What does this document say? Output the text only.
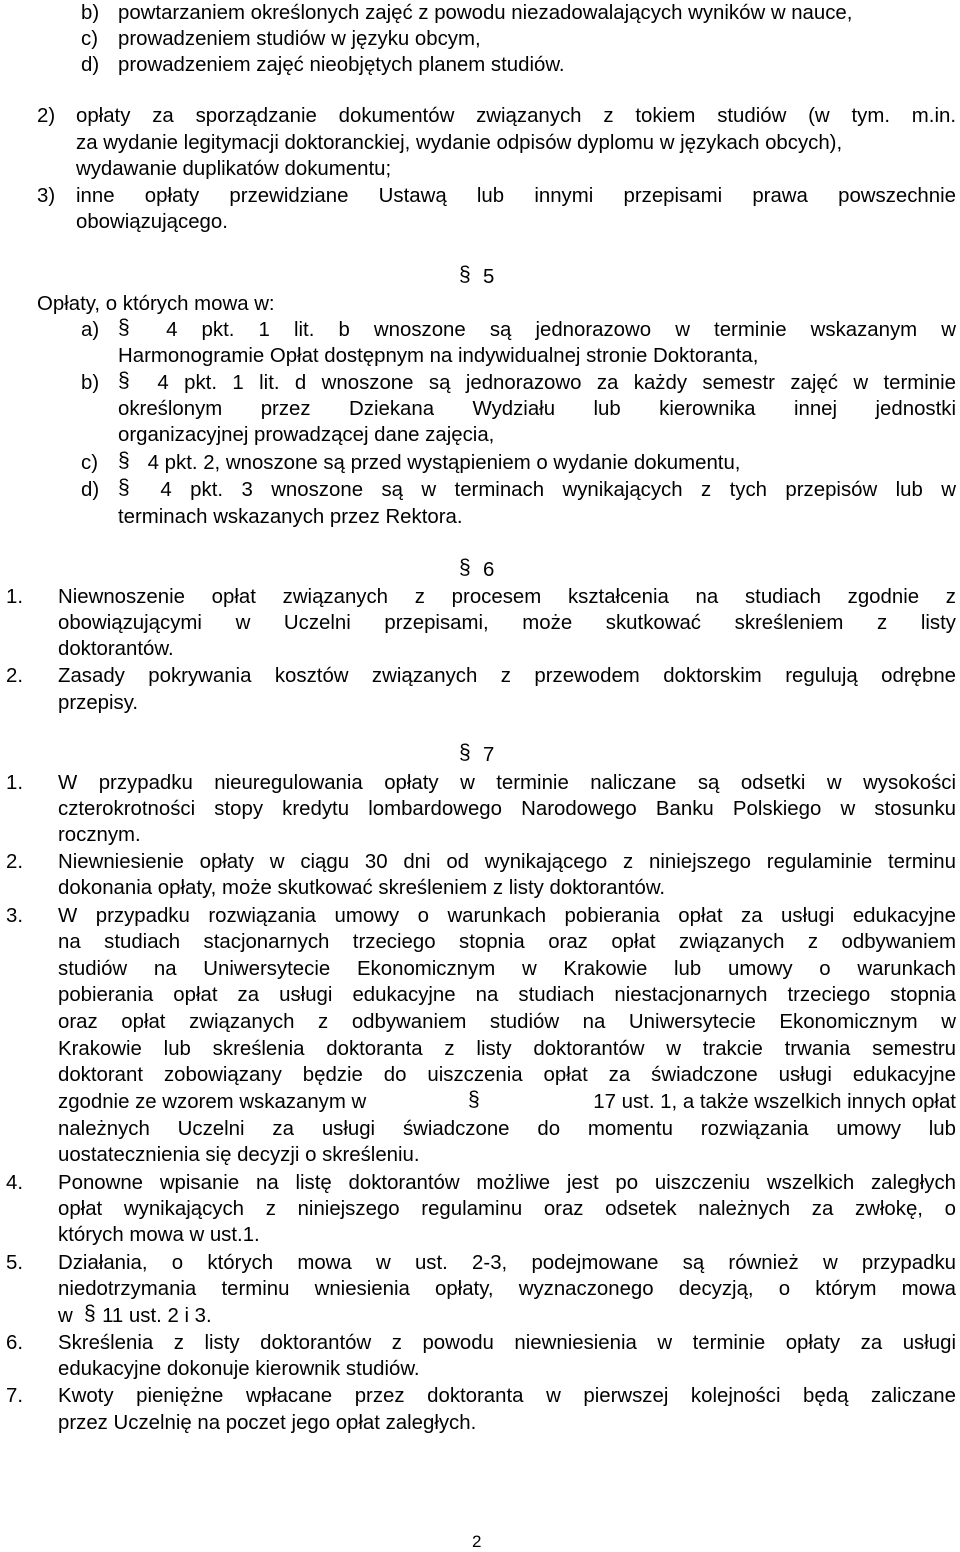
b) powtarzaniem określonych zajęć z powodu niezadowalających wyników w nauce,
c) prowadzeniem studiów w języku obcym,
d) prowadzeniem zajęć nieobjętych planem studiów.
2) opłaty za sporządzanie dokumentów związanych z tokiem studiów (w tym. m.in.
za wydanie legitymacji doktoranckiej, wydanie odpisów dyplomu w językach obcych),
wydawanie duplikatów dokumentu;
3) inne opłaty przewidziane Ustawą lub innymi przepisami prawa powszechnie
obowiązującego.
§ 5
Opłaty, o których mowa w:
a) § 4 pkt. 1 lit. b wnoszone są jednorazowo w terminie wskazanym w
Harmonogramie Opłat dostępnym na indywidualnej stronie Doktoranta,
b) § 4 pkt. 1 lit. d wnoszone są jednorazowo za każdy semestr zajęć w terminie
określonym przez Dziekana Wydziału lub kierownika innej jednostki
organizacyjnej prowadzącej dane zajęcia,
c) § 4 pkt. 2, wnoszone są przed wystąpieniem o wydanie dokumentu,
d) § 4 pkt. 3 wnoszone są w terminach wynikających z tych przepisów lub w
terminach wskazanych przez Rektora.
§ 6
1. Niewnoszenie opłat związanych z procesem kształcenia na studiach zgodnie z
obowiązującymi w Uczelni przepisami, może skutkować skreśleniem z listy
doktorantów.
2. Zasady pokrywania kosztów związanych z przewodem doktorskim regulują odrębne
przepisy.
§ 7
1. W przypadku nieuregulowania opłaty w terminie naliczane są odsetki w wysokości
czterokrotności stopy kredytu lombardowego Narodowego Banku Polskiego w stosunku
rocznym.
2. Niewniesienie opłaty w ciągu 30 dni od wynikającego z niniejszego regulaminie terminu
dokonania opłaty, może skutkować skreśleniem z listy doktorantów.
3. W przypadku rozwiązania umowy o warunkach pobierania opłat za usługi edukacyjne
na studiach stacjonarnych trzeciego stopnia oraz opłat związanych z odbywaniem
studiów na Uniwersytecie Ekonomicznym w Krakowie lub umowy o warunkach
pobierania opłat za usługi edukacyjne na studiach niestacjonarnych trzeciego stopnia
oraz opłat związanych z odbywaniem studiów na Uniwersytecie Ekonomicznym w
Krakowie lub skreślenia doktoranta z listy doktorantów w trakcie trwania semestru
doktorant zobowiązany będzie do uiszczenia opłat za świadczone usługi edukacyjne
zgodnie ze wzorem wskazanym w	§	17 ust. 1, a także wszelkich innych opłat
należnych Uczelni za usługi świadczone do momentu rozwiązania umowy lub
uostatecznienia się decyzji o skreśleniu.
4. Ponowne wpisanie na listę doktorantów możliwe jest po uiszczeniu wszelkich zaległych
opłat wynikających z niniejszego regulaminu oraz odsetek należnych za zwłokę, o
których mowa w ust.1.
5. Działania, o których mowa w ust. 2-3, podejmowane są również w przypadku
niedotrzymania terminu wniesienia opłaty, wyznaczonego decyzją, o którym mowa
w § 11 ust. 2 i 3.
6. Skreślenia z listy doktorantów z powodu niewniesienia w terminie opłaty za usługi
edukacyjne dokonuje kierownik studiów.
7. Kwoty pieniężne wpłacane przez doktoranta w pierwszej kolejności będą zaliczane
przez Uczelnię na poczet jego opłat zaległych.
2
